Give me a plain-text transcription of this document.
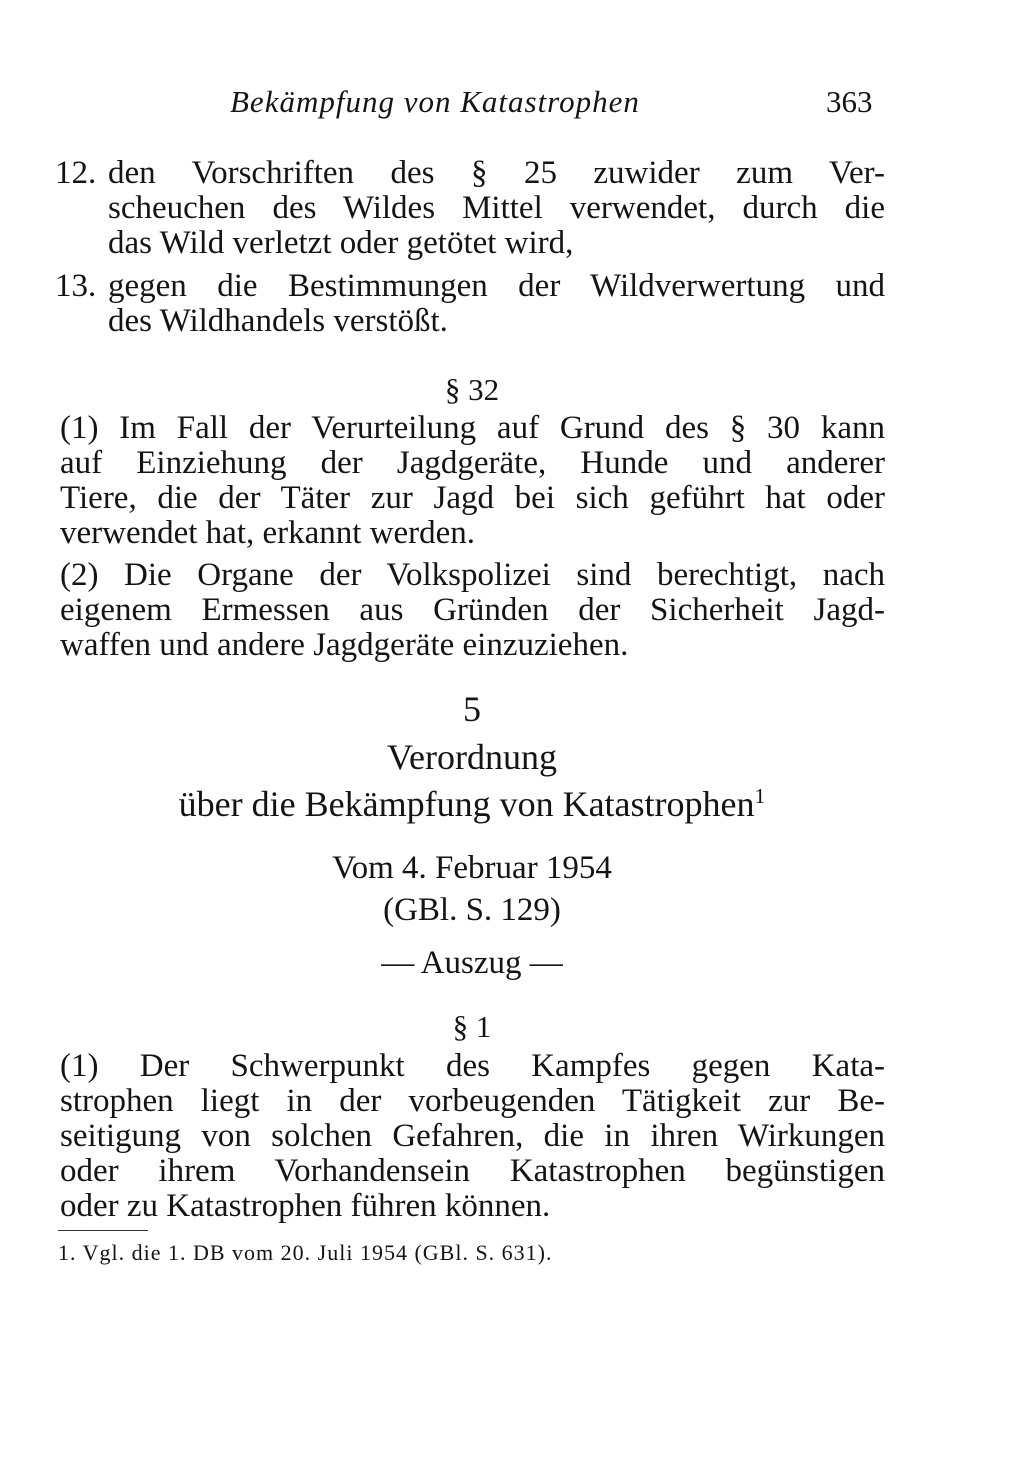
Bekämpfung von Katastrophen	363
12. den Vorschriften des § 25 zuwider zum Ver-
scheuchen des Wildes Mittel verwendet, durch die
das Wild verletzt oder getötet wird,
13. gegen die Bestimmungen der Wildverwertung und
des Wildhandels verstößt.
§ 32
(1) Im Fall der Verurteilung auf Grund des § 30 kann
auf Einziehung der Jagdgeräte, Hunde und anderer
Tiere, die der Täter zur Jagd bei sich geführt hat oder
verwendet hat, erkannt werden.
(2) Die Organe der Volkspolizei sind berechtigt, nach
eigenem Ermessen aus Gründen der Sicherheit Jagd-
waffen und andere Jagdgeräte einzuziehen.
5
Verordnung
über die Bekämpfung von Katastrophen$^1$
Vom 4. Februar 1954
(GBl. S. 129)
— Auszug —
§ 1
(1) Der Schwerpunkt des Kampfes gegen Kata-
strophen liegt in der vorbeugenden Tätigkeit zur Be-
seitigung von solchen Gefahren, die in ihren Wirkungen
oder ihrem Vorhandensein Katastrophen begünstigen
oder zu Katastrophen führen können.
1. Vgl. die 1. DB vom 20. Juli 1954 (GBl. S. 631).
